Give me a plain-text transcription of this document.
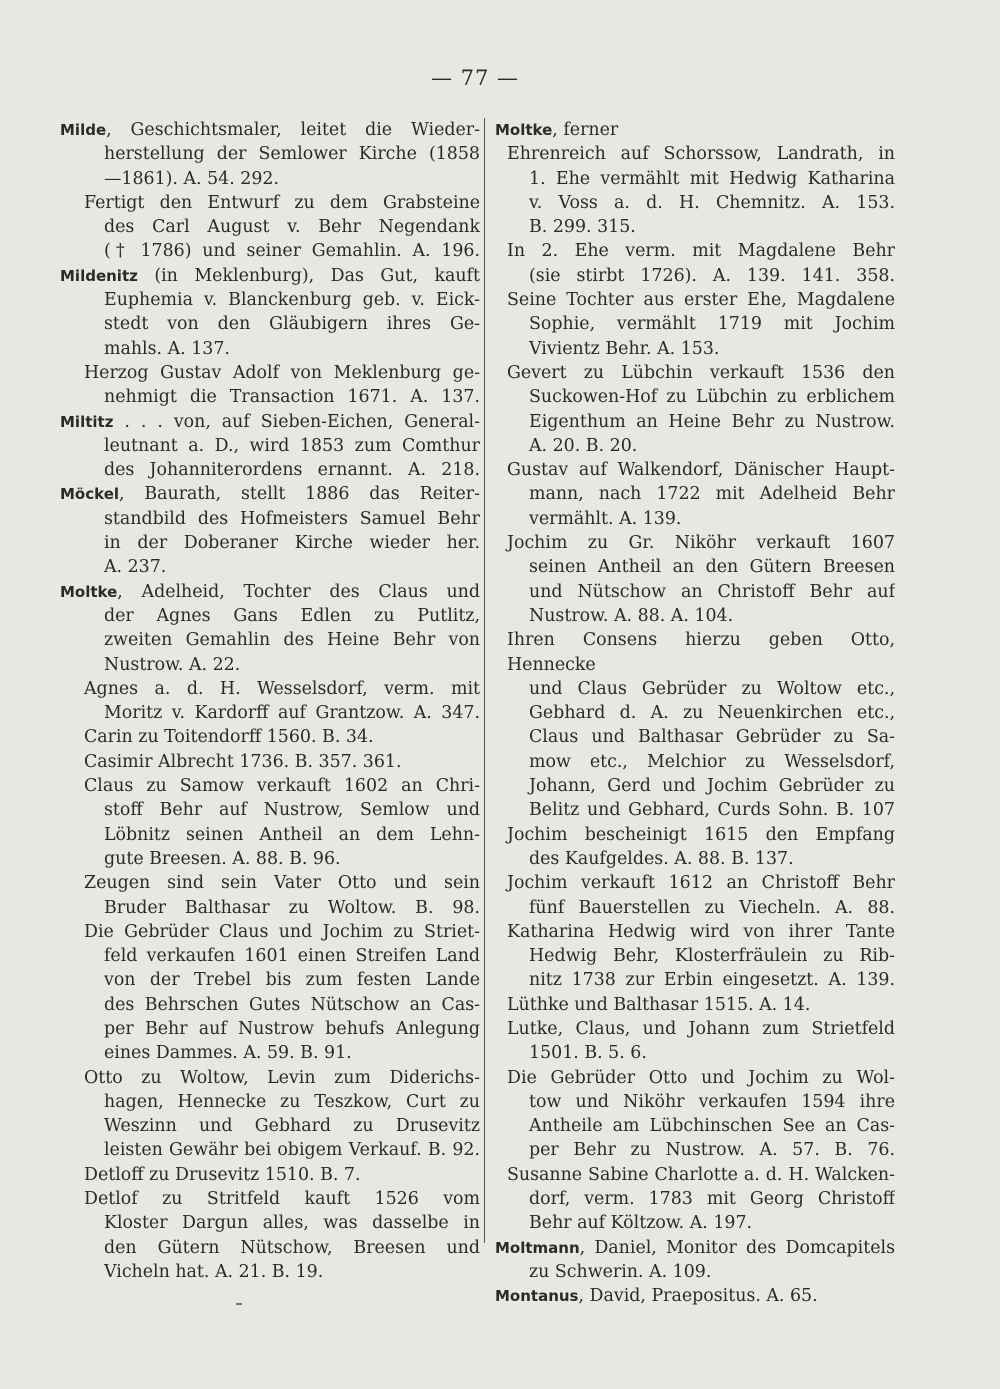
— 77 —
Milde, Geschichtsmaler, leitet die Wieder-
herstellung der Semlower Kirche (1858
—1861). A. 54. 292.
Fertigt den Entwurf zu dem Grabsteine
des Carl August v. Behr Negendank
(† 1786) und seiner Gemahlin. A. 196.
Mildenitz (in Meklenburg), Das Gut, kauft
Euphemia v. Blanckenburg geb. v. Eick-
stedt von den Gläubigern ihres Ge-
mahls. A. 137.
Herzog Gustav Adolf von Meklenburg ge-
nehmigt die Transaction 1671. A. 137.
Miltitz . . . von, auf Sieben-Eichen, General-
leutnant a. D., wird 1853 zum Comthur
des Johanniterordens ernannt. A. 218.
Möckel, Baurath, stellt 1886 das Reiter-
standbild des Hofmeisters Samuel Behr
in der Doberaner Kirche wieder her.
A. 237.
Moltke, Adelheid, Tochter des Claus und
der Agnes Gans Edlen zu Putlitz,
zweiten Gemahlin des Heine Behr von
Nustrow. A. 22.
Agnes a. d. H. Wesselsdorf, verm. mit
Moritz v. Kardorff auf Grantzow. A. 347.
Carin zu Toitendorff 1560. B. 34.
Casimir Albrecht 1736. B. 357. 361.
Claus zu Samow verkauft 1602 an Chri-
stoff Behr auf Nustrow, Semlow und
Löbnitz seinen Antheil an dem Lehn-
gute Breesen. A. 88. B. 96.
Zeugen sind sein Vater Otto und sein
Bruder Balthasar zu Woltow. B. 98.
Die Gebrüder Claus und Jochim zu Striet-
feld verkaufen 1601 einen Streifen Land
von der Trebel bis zum festen Lande
des Behrschen Gutes Nütschow an Cas-
per Behr auf Nustrow behufs Anlegung
eines Dammes. A. 59. B. 91.
Otto zu Woltow, Levin zum Diderichs-
hagen, Hennecke zu Teszkow, Curt zu
Weszinn und Gebhard zu Drusevitz
leisten Gewähr bei obigem Verkauf. B. 92.
Detloff zu Drusevitz 1510. B. 7.
Detlof zu Stritfeld kauft 1526 vom
Kloster Dargun alles, was dasselbe in
den Gütern Nütschow, Breesen und
Vicheln hat. A. 21. B. 19.
Moltke, ferner
Ehrenreich auf Schorssow, Landrath, in
1. Ehe vermählt mit Hedwig Katharina
v. Voss a. d. H. Chemnitz. A. 153.
B. 299. 315.
In 2. Ehe verm. mit Magdalene Behr
(sie stirbt 1726). A. 139. 141. 358.
Seine Tochter aus erster Ehe, Magdalene
Sophie, vermählt 1719 mit Jochim
Vivientz Behr. A. 153.
Gevert zu Lübchin verkauft 1536 den
Suckowen-Hof zu Lübchin zu erblichem
Eigenthum an Heine Behr zu Nustrow.
A. 20. B. 20.
Gustav auf Walkendorf, Dänischer Haupt-
mann, nach 1722 mit Adelheid Behr
vermählt. A. 139.
Jochim zu Gr. Niköhr verkauft 1607
seinen Antheil an den Gütern Breesen
und Nütschow an Christoff Behr auf
Nustrow. A. 88. A. 104.
Ihren Consens hierzu geben Otto, Hennecke
und Claus Gebrüder zu Woltow etc.,
Gebhard d. A. zu Neuenkirchen etc.,
Claus und Balthasar Gebrüder zu Sa-
mow etc., Melchior zu Wesselsdorf,
Johann, Gerd und Jochim Gebrüder zu
Belitz und Gebhard, Curds Sohn. B. 107
Jochim bescheinigt 1615 den Empfang
des Kaufgeldes. A. 88. B. 137.
Jochim verkauft 1612 an Christoff Behr
fünf Bauerstellen zu Viecheln. A. 88.
Katharina Hedwig wird von ihrer Tante
Hedwig Behr, Klosterfräulein zu Rib-
nitz 1738 zur Erbin eingesetzt. A. 139.
Lüthke und Balthasar 1515. A. 14.
Lutke, Claus, und Johann zum Strietfeld
1501. B. 5. 6.
Die Gebrüder Otto und Jochim zu Wol-
tow und Niköhr verkaufen 1594 ihre
Antheile am Lübchinschen See an Cas-
per Behr zu Nustrow. A. 57. B. 76.
Susanne Sabine Charlotte a. d. H. Walcken-
dorf, verm. 1783 mit Georg Christoff
Behr auf Költzow. A. 197.
Moltmann, Daniel, Monitor des Domcapitels
zu Schwerin. A. 109.
Montanus, David, Praepositus. A. 65.
